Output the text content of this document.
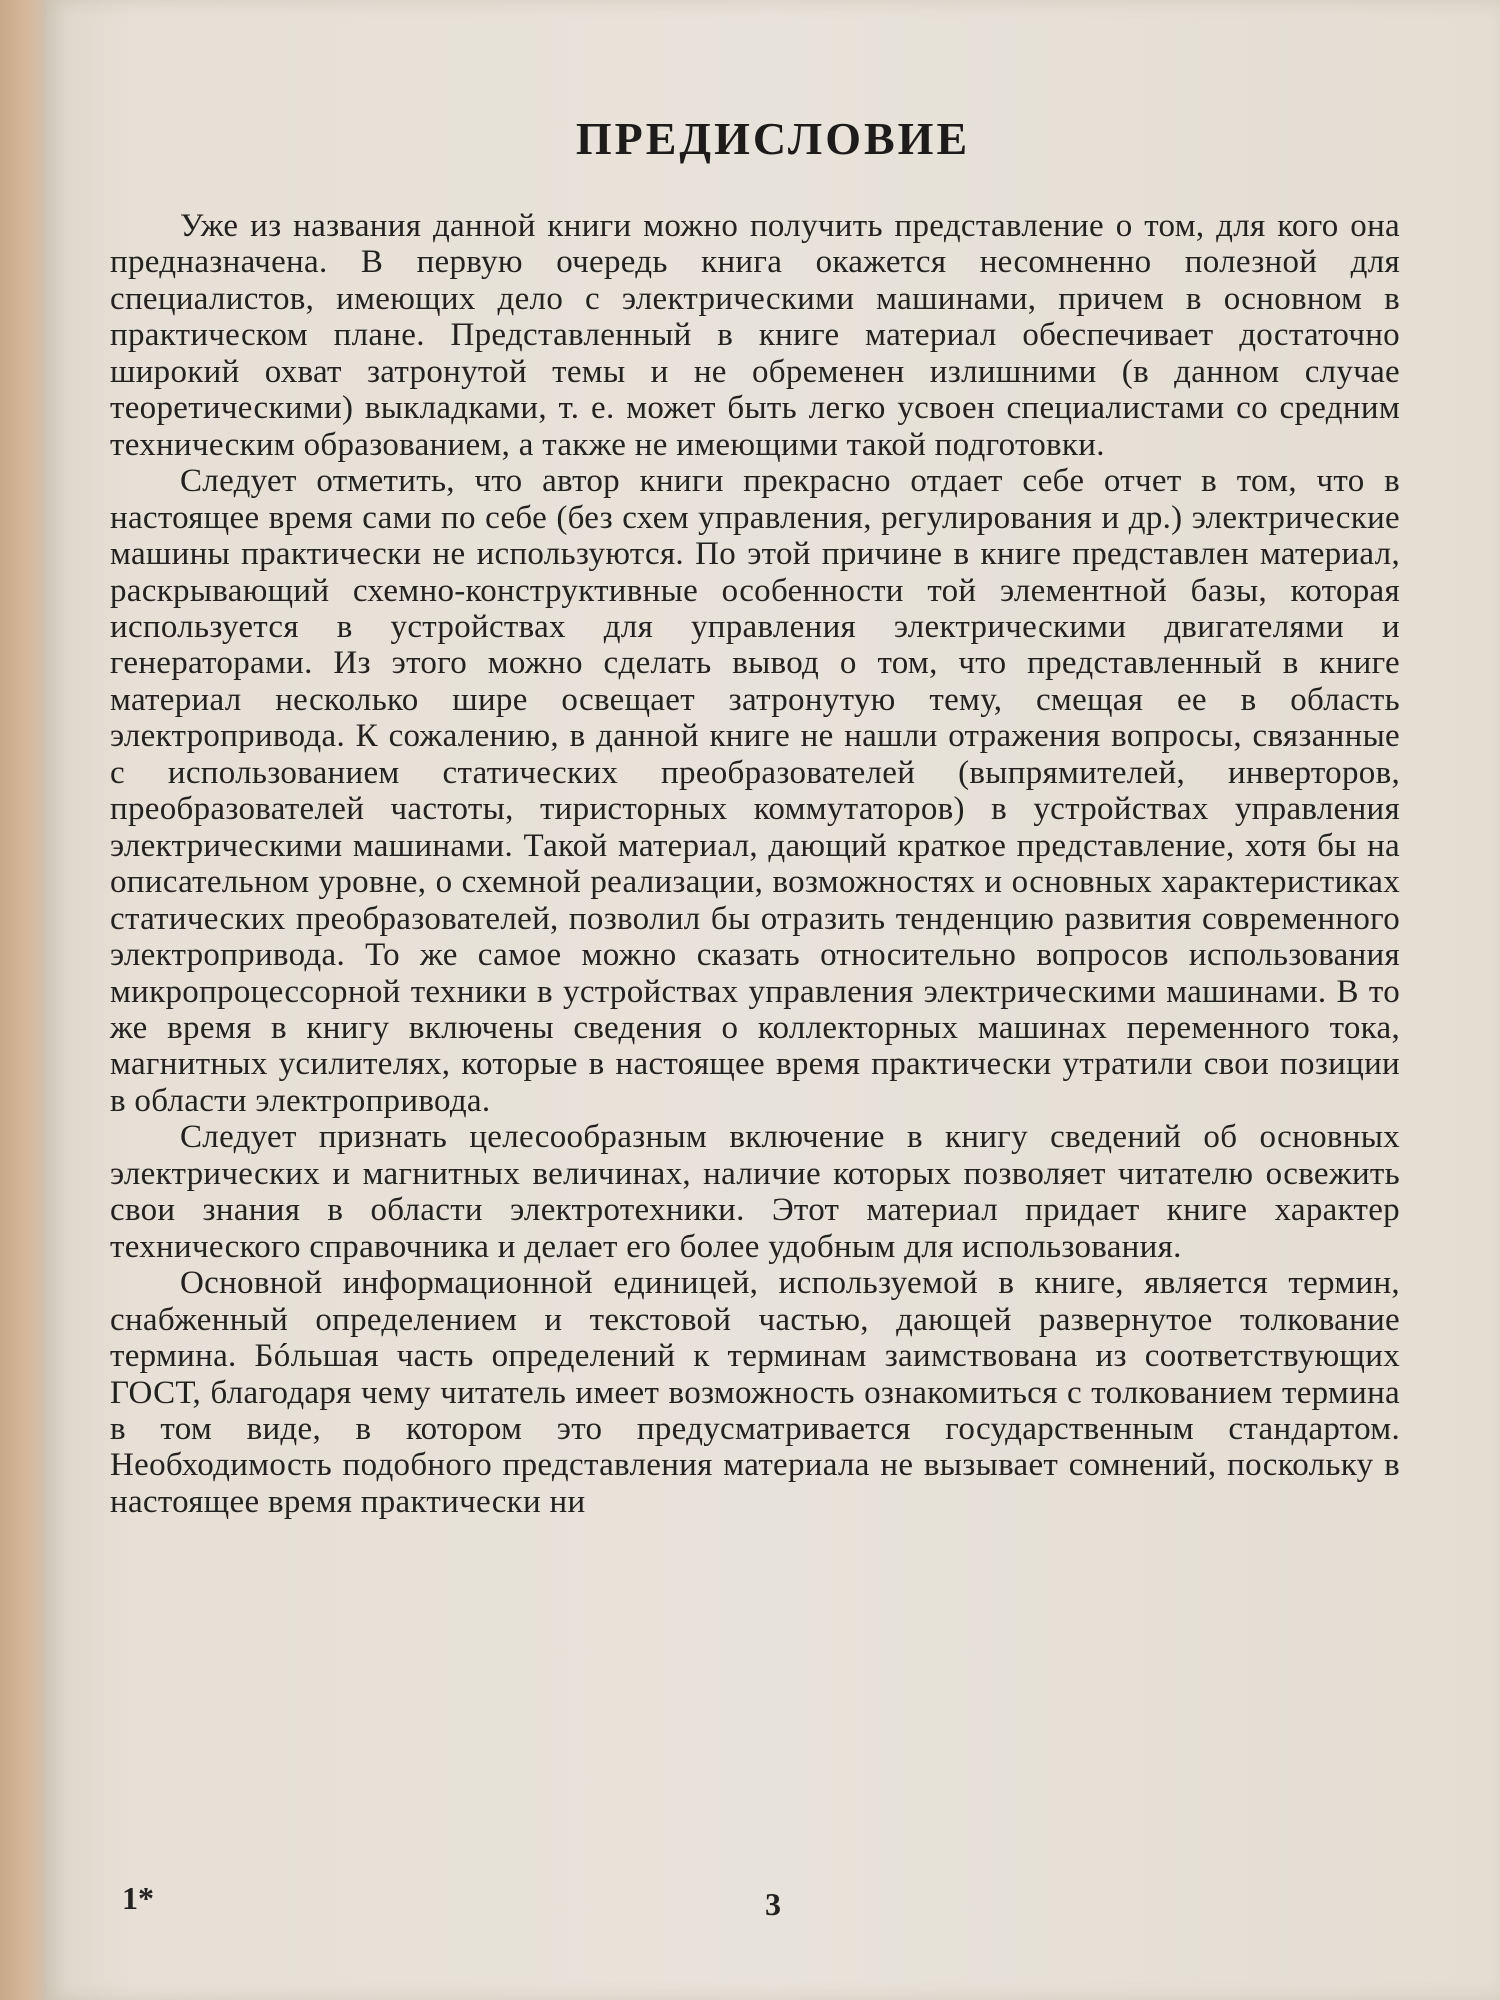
ПРЕДИСЛОВИЕ

Уже из названия данной книги можно получить представление о том, для кого она предназначена. В первую очередь книга окажется несомненно полезной для специалистов, имеющих дело с электрическими машинами, причем в основном в практическом плане. Представленный в книге материал обеспечивает достаточно широкий охват затронутой темы и не обременен излишними (в данном случае теоретическими) выкладками, т. е. может быть легко усвоен специалистами со средним техническим образованием, а также не имеющими такой подготовки.

Следует отметить, что автор книги прекрасно отдает себе отчет в том, что в настоящее время сами по себе (без схем управления, регулирования и др.) электрические машины практически не используются. По этой причине в книге представлен материал, раскрывающий схемно-конструктивные особенности той элементной базы, которая используется в устройствах для управления электрическими двигателями и генераторами. Из этого можно сделать вывод о том, что представленный в книге материал несколько шире освещает затронутую тему, смещая ее в область электропривода. К сожалению, в данной книге не нашли отражения вопросы, связанные с использованием статических преобразователей (выпрямителей, инверторов, преобразователей частоты, тиристорных коммутаторов) в устройствах управления электрическими машинами. Такой материал, дающий краткое представление, хотя бы на описательном уровне, о схемной реализации, возможностях и основных характеристиках статических преобразователей, позволил бы отразить тенденцию развития современного электропривода. То же самое можно сказать относительно вопросов использования микропроцессорной техники в устройствах управления электрическими машинами. В то же время в книгу включены сведения о коллекторных машинах переменного тока, магнитных усилителях, которые в настоящее время практически утратили свои позиции в области электропривода.

Следует признать целесообразным включение в книгу сведений об основных электрических и магнитных величинах, наличие которых позволяет читателю освежить свои знания в области электротехники. Этот материал придает книге характер технического справочника и делает его более удобным для использования.

Основной информационной единицей, используемой в книге, является термин, снабженный определением и текстовой частью, дающей развернутое толкование термина. Бóльшая часть определений к терминам заимствована из соответствующих ГОСТ, благодаря чему читатель имеет возможность ознакомиться с толкованием термина в том виде, в котором это предусматривается государственным стандартом. Необходимость подобного представления материала не вызывает сомнений, поскольку в настоящее время практически ни

1*	3
